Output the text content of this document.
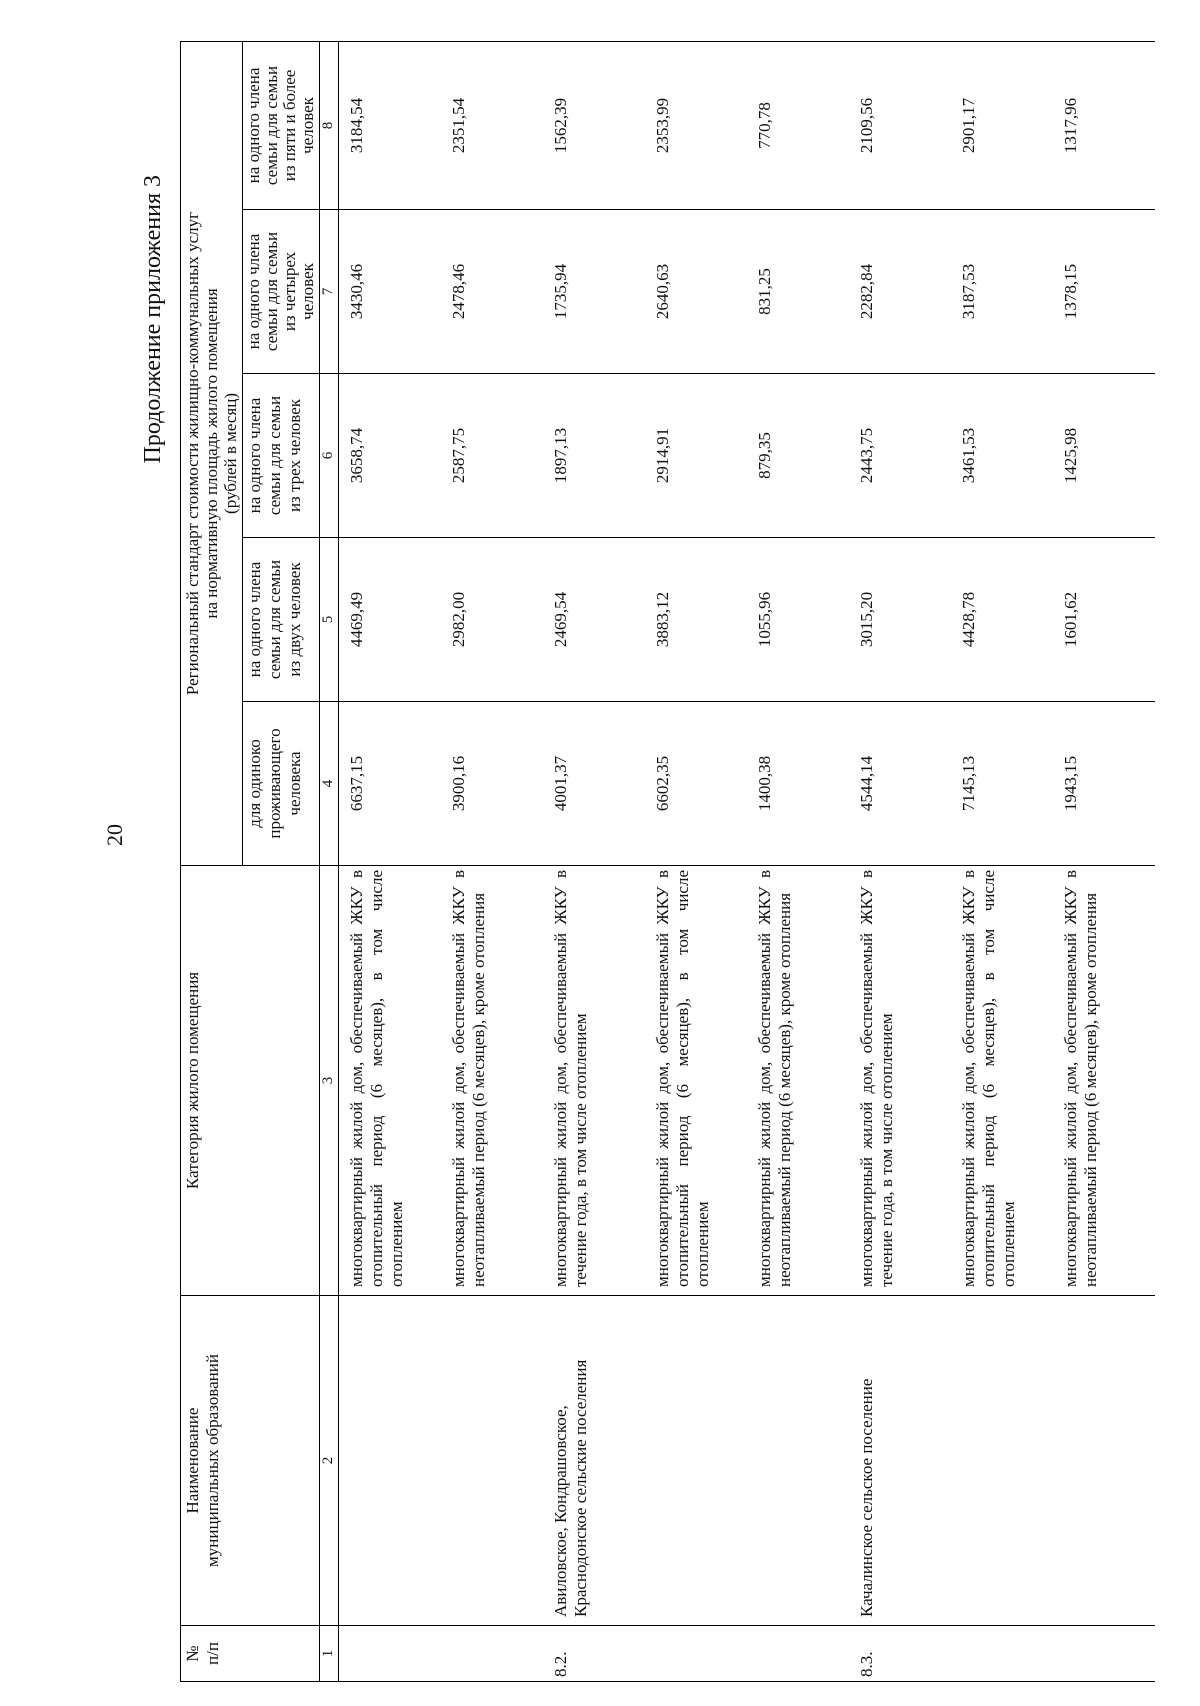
20
Продолжение приложения 3
№
п/п	Наименование
муниципальных образований	Категория жилого помещения	Региональный стандарт стоимости жилищно-коммунальных услуг
на нормативную площадь жилого помещения
(рублей в месяц)				
			для одиноко
проживающего
человека	на одного члена
семьи для семьи
из двух человек	на одного члена
семьи для семьи
из трех человек	на одного члена
семьи для семьи
из четырех
человек	на одного члена
семьи для семьи
из пяти и более
человек
1	2	3	4	5	6	7	8
		многоквартирный жилой дом, обеспечиваемый ЖКУ в отопительный период (6 месяцев), в том числе отоплением	6637,15	4469,49	3658,74	3430,46	3184,54
		многоквартирный жилой дом, обеспечиваемый ЖКУ в неотапливаемый период (6 месяцев), кроме отопления	3900,16	2982,00	2587,75	2478,46	2351,54
8.2.	Авиловское, Кондрашовское, Краснодонское сельские поселения	многоквартирный жилой дом, обеспечиваемый ЖКУ в течение года, в том числе отоплением	4001,37	2469,54	1897,13	1735,94	1562,39
		многоквартирный жилой дом, обеспечиваемый ЖКУ в отопительный период (6 месяцев), в том числе отоплением	6602,35	3883,12	2914,91	2640,63	2353,99
		многоквартирный жилой дом, обеспечиваемый ЖКУ в неотапливаемый период (6 месяцев), кроме отопления	1400,38	1055,96	879,35	831,25	770,78
8.3.	Качалинское сельское поселение	многоквартирный жилой дом, обеспечиваемый ЖКУ в течение года, в том числе отоплением	4544,14	3015,20	2443,75	2282,84	2109,56
		многоквартирный жилой дом, обеспечиваемый ЖКУ в отопительный период (6 месяцев), в том числе отоплением	7145,13	4428,78	3461,53	3187,53	2901,17
		многоквартирный жилой дом, обеспечиваемый ЖКУ в неотапливаемый период (6 месяцев), кроме отопления	1943,15	1601,62	1425,98	1378,15	1317,96
